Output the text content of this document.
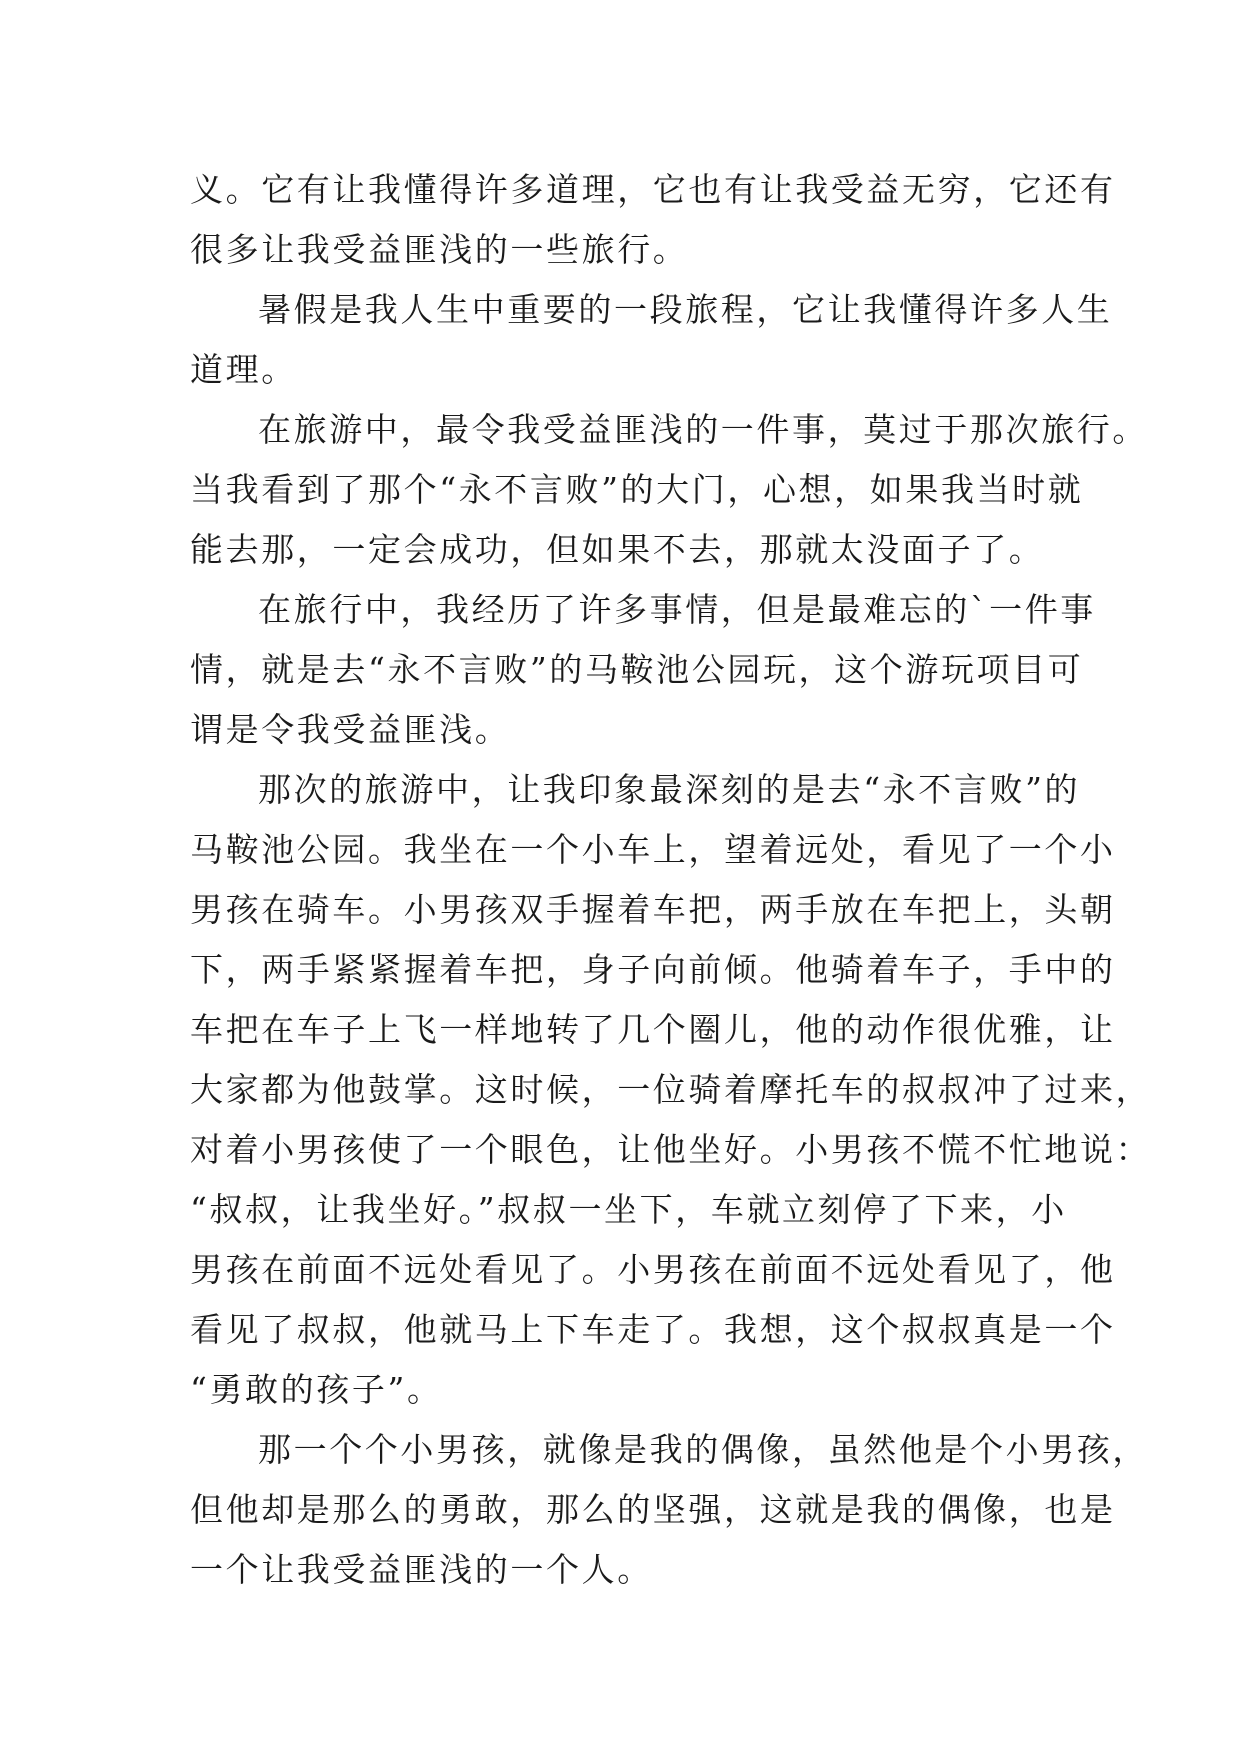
义。它有让我懂得许多道理，它也有让我受益无穷，它还有
很多让我受益匪浅的一些旅行。

暑假是我人生中重要的一段旅程，它让我懂得许多人生
道理。

在旅游中，最令我受益匪浅的一件事，莫过于那次旅行。
当我看到了那个“永不言败”的大门，心想，如果我当时就
能去那，一定会成功，但如果不去，那就太没面子了。

在旅行中，我经历了许多事情，但是最难忘的`一件事
情，就是去“永不言败”的马鞍池公园玩，这个游玩项目可
谓是令我受益匪浅。

那次的旅游中，让我印象最深刻的是去“永不言败”的
马鞍池公园。我坐在一个小车上，望着远处，看见了一个小
男孩在骑车。小男孩双手握着车把，两手放在车把上，头朝
下，两手紧紧握着车把，身子向前倾。他骑着车子，手中的
车把在车子上飞一样地转了几个圈儿，他的动作很优雅，让
大家都为他鼓掌。这时候，一位骑着摩托车的叔叔冲了过来，
对着小男孩使了一个眼色，让他坐好。小男孩不慌不忙地说：
“叔叔，让我坐好。”叔叔一坐下，车就立刻停了下来，小
男孩在前面不远处看见了。小男孩在前面不远处看见了，他
看见了叔叔，他就马上下车走了。我想，这个叔叔真是一个
“勇敢的孩子”。

那一个个小男孩，就像是我的偶像，虽然他是个小男孩，
但他却是那么的勇敢，那么的坚强，这就是我的偶像，也是
一个让我受益匪浅的一个人。
